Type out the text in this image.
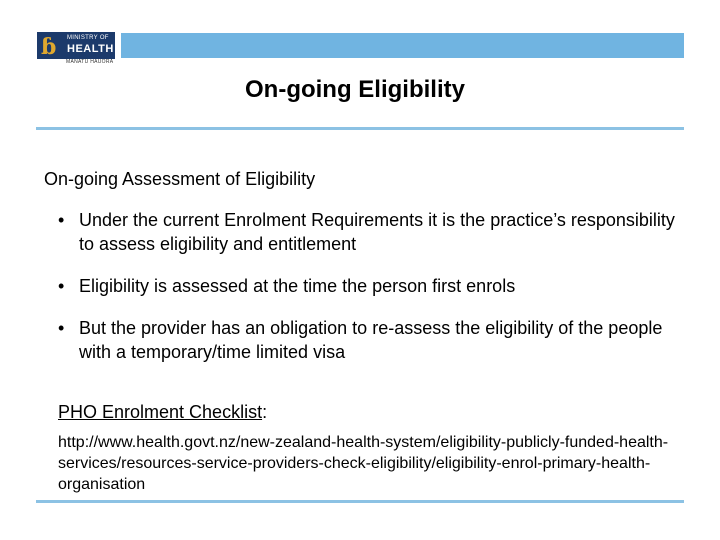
ɓ MINISTRY OF
HEALTH
MANATŪ HAUORA
On-going Eligibility
On-going Assessment of Eligibility
• Under the current Enrolment Requirements it is the practice’s responsibility to assess eligibility and entitlement
• Eligibility is assessed at the time the person first enrols
• But the provider has an obligation to re-assess the eligibility of the people with a temporary/time limited visa
PHO Enrolment Checklist:
http://www.health.govt.nz/new-zealand-health-system/eligibility-publicly-funded-health-services/resources-service-providers-check-eligibility/eligibility-enrol-primary-health-organisation
